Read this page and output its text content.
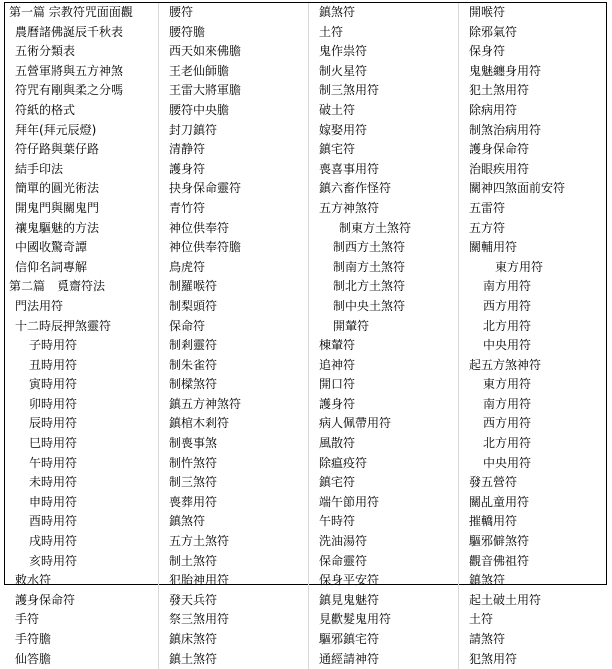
第一篇 宗教符咒面面觀
農曆諸佛誕辰千秋表
五術分類表
五營軍將與五方神煞
符咒有剛與柔之分嗎
符紙的格式
拜年(拜元辰燈)
符仔路與葉仔路
結手印法
簡單的圓光術法
開鬼門與關鬼門
禳鬼驅魅的方法
中國收驚奇譚
信仰名詞專解
第二篇　覓齋符法
門法用符
十二時辰押煞靈符
子時用符
丑時用符
寅時用符
卯時用符
辰時用符
巳時用符
午時用符
未時用符
申時用符
酉時用符
戌時用符
亥時用符
敕水符
護身保命符
手符
手符膽
仙答膽
腰符
腰符膽
西天如來佛膽
王老仙師膽
王雷大將軍膽
腰符中央膽
封刀鎮符
清静符
護身符
抉身保命靈符
青竹符
神位供奉符
神位供奉符膽
鳥虎符
制羅喉符
制梨頭符
保命符
制剎靈符
制朱雀符
制樑煞符
鎮五方神煞符
鎮棺木剎符
制喪事煞
制忤煞符
制三煞符
喪葬用符
鎮煞符
五方土煞符
制土煞符
犯胎神用符
發天兵符
祭三煞用符
鎮床煞符
鎮土煞符
鎮煞符
土符
鬼作祟符
制火星符
制三煞用符
破土符
嫁娶用符
鎮宅符
喪喜事用符
鎮六畜作怪符
五方神煞符
制東方土煞符
制西方土煞符
制南方土煞符
制北方土煞符
制中央土煞符
開輦符
棟輦符
追神符
開口符
護身符
病人佩帶用符
風散符
除瘟疫符
鎮宅符
端午節用符
午時符
洗油湯符
保命靈符
保身平安符
鎮見鬼魅符
見歡髮鬼用符
驅邪鎮宅符
通經請神符
開喉符
除邪氣符
保身符
鬼魅纏身用符
犯土煞用符
除病用符
制煞治病用符
護身保命符
治眼疾用符
關神四煞面前安符
五雷符
五方符
關輔用符
東方用符
南方用符
西方用符
北方用符
中央用符
起五方煞神符
東方用符
南方用符
西方用符
北方用符
中央用符
發五營符
關乩童用符
摧轎用符
驅邪僻煞符
觀音佛祖符
鎮煞符
起土破土用符
土符
請煞符
犯煞用符
